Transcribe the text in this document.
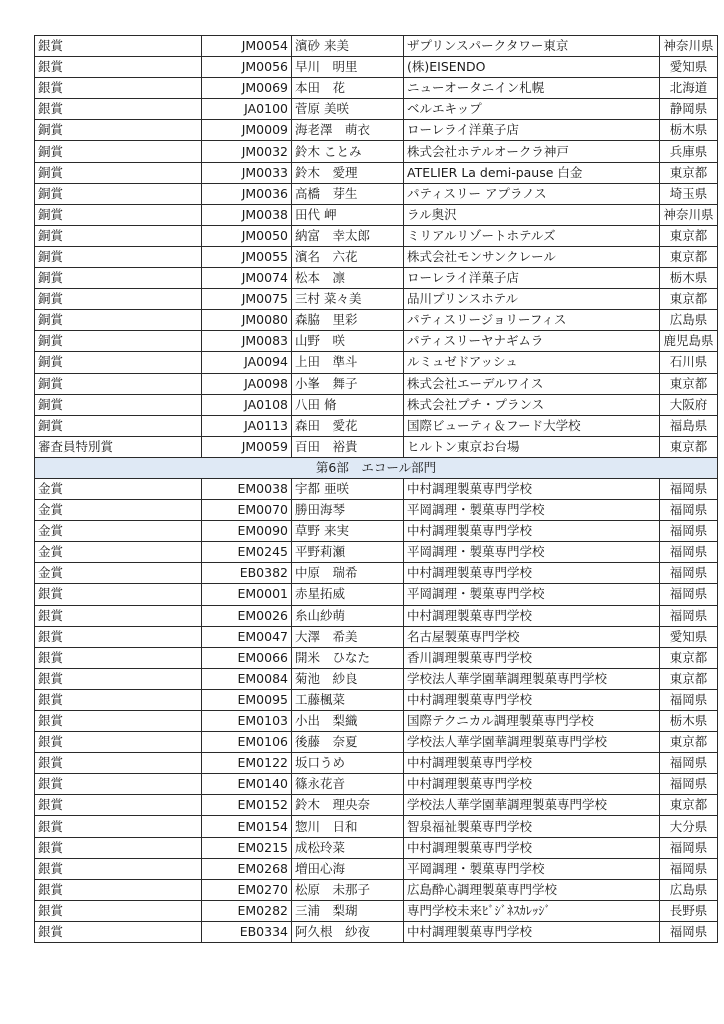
銀賞	JM0054	濱砂 来美	ザプリンスパークタワー東京	神奈川県
銀賞	JM0056	早川　明里	(株)EISENDO	愛知県
銀賞	JM0069	本田　花	ニューオータニイン札幌	北海道
銀賞	JA0100	菅原 美咲	ベルエキップ	静岡県
銅賞	JM0009	海老澤　萌衣	ローレライ洋菓子店	栃木県
銅賞	JM0032	鈴木 ことみ	株式会社ホテルオークラ神戸	兵庫県
銅賞	JM0033	鈴木　愛理	ATELIER La demi-pause 白金	東京都
銅賞	JM0036	高橋　芽生	パティスリー アプラノス	埼玉県
銅賞	JM0038	田代 岬	ラル奥沢	神奈川県
銅賞	JM0050	納富　幸太郎	ミリアルリゾートホテルズ	東京都
銅賞	JM0055	濱名　六花	株式会社モンサンクレール	東京都
銅賞	JM0074	松本　凛	ローレライ洋菓子店	栃木県
銅賞	JM0075	三村 菜々美	品川プリンスホテル	東京都
銅賞	JM0080	森脇　里彩	パティスリージョリーフィス	広島県
銅賞	JM0083	山野　咲	パティスリーヤナギムラ	鹿児島県
銅賞	JA0094	上田　準斗	ルミュゼドアッシュ	石川県
銅賞	JA0098	小峯　舞子	株式会社エーデルワイス	東京都
銅賞	JA0108	八田 脩	株式会社プチ・プランス	大阪府
銅賞	JA0113	森田　愛花	国際ビューティ＆フード大学校	福島県
審査員特別賞	JM0059	百田　裕貴	ヒルトン東京お台場	東京都
第6部　エコール部門				
金賞	EM0038	宇都 亜咲	中村調理製菓専門学校	福岡県
金賞	EM0070	勝田海琴	平岡調理・製菓専門学校	福岡県
金賞	EM0090	草野 来実	中村調理製菓専門学校	福岡県
金賞	EM0245	平野莉瀬	平岡調理・製菓専門学校	福岡県
金賞	EB0382	中原　瑞希	中村調理製菓専門学校	福岡県
銀賞	EM0001	赤星拓威	平岡調理・製菓専門学校	福岡県
銀賞	EM0026	糸山紗萌	中村調理製菓専門学校	福岡県
銀賞	EM0047	大澤　希美	名古屋製菓専門学校	愛知県
銀賞	EM0066	開米　ひなた	香川調理製菓専門学校	東京都
銀賞	EM0084	菊池　紗良	学校法人華学園華調理製菓専門学校	東京都
銀賞	EM0095	工藤楓菜	中村調理製菓専門学校	福岡県
銀賞	EM0103	小出　梨織	国際テクニカル調理製菓専門学校	栃木県
銀賞	EM0106	後藤　奈夏	学校法人華学園華調理製菓専門学校	東京都
銀賞	EM0122	坂口うめ	中村調理製菓専門学校	福岡県
銀賞	EM0140	篠永花音	中村調理製菓専門学校	福岡県
銀賞	EM0152	鈴木　理央奈	学校法人華学園華調理製菓専門学校	東京都
銀賞	EM0154	惣川　日和	智泉福祉製菓専門学校	大分県
銀賞	EM0215	成松玲菜	中村調理製菓専門学校	福岡県
銀賞	EM0268	増田心海	平岡調理・製菓専門学校	福岡県
銀賞	EM0270	松原　未那子	広島酔心調理製菓専門学校	広島県
銀賞	EM0282	三浦　梨瑚	専門学校未来ﾋﾞｼﾞﾈｽｶﾚｯｼﾞ	長野県
銀賞	EB0334	阿久根　紗夜	中村調理製菓専門学校	福岡県
